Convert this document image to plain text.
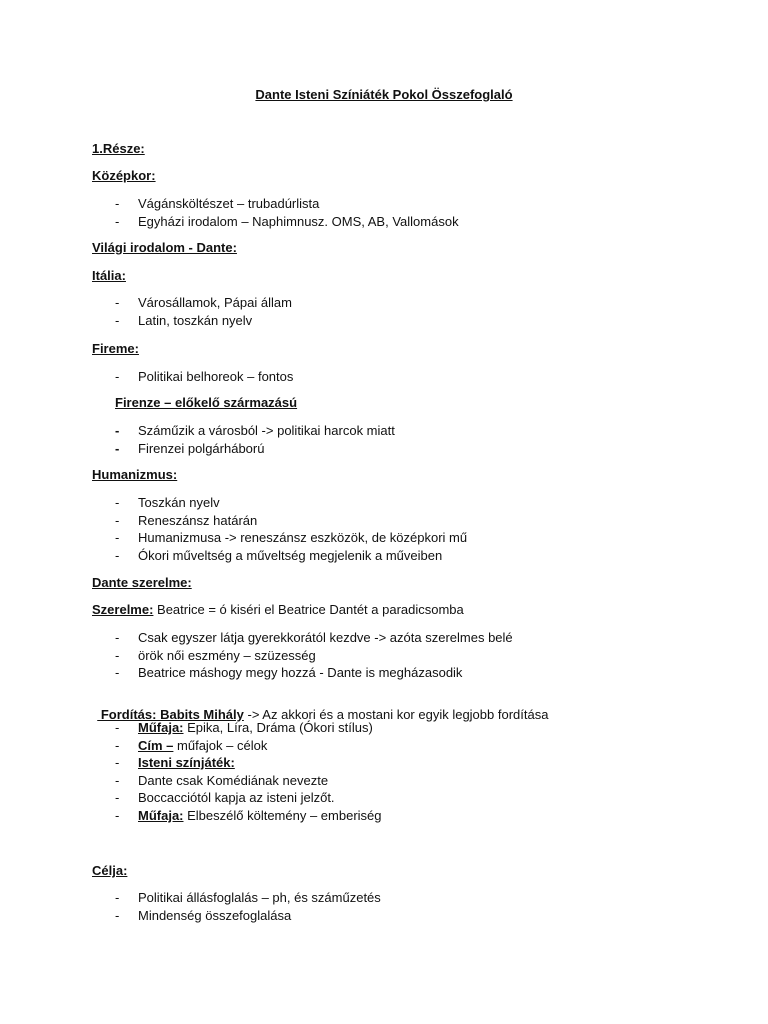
Dante Isteni Színiáték Pokol Összefoglaló
1.Része:
Középkor:
- Vágánsköltészet – trubadúrlista
- Egyházi irodalom – Naphimnusz. OMS, AB, Vallomások
Világi irodalom - Dante:
Itália:
- Városállamok, Pápai állam
- Latin, toszkán nyelv
Fireme:
- Politikai belhoreok – fontos
Firenze – előkelő származású
- Száműzik a városból -> politikai harcok miatt
- Firenzei polgárháború
Humanizmus:
- Toszkán nyelv
- Reneszánsz határán
- Humanizmusa -> reneszánsz eszközök, de középkori mű
- Ókori műveltség a műveltség megjelenik a műveiben
Dante szerelme:
Szerelme: Beatrice = ó kiséri el Beatrice Dantét a paradicsomba
- Csak egyszer látja gyerekkorától kezdve -> azóta szerelmes belé
- örök női eszmény – szüzesség
- Beatrice máshogy megy hozzá - Dante is megházasodik

Fordítás: Babits Mihály -> Az akkori és a mostani kor egyik legjobb fordítása

- Műfaja: Epika, Líra, Dráma (Ókori stílus)
- Cím – műfajok – célok
- Isteni színjáték:
- Dante csak Komédiának nevezte
- Boccacciótól kapja az isteni jelzőt.
- Műfaja: Elbeszélő költemény – emberiség
Célja:
- Politikai állásfoglalás – ph, és száműzetés
- Mindenség összefoglalása
